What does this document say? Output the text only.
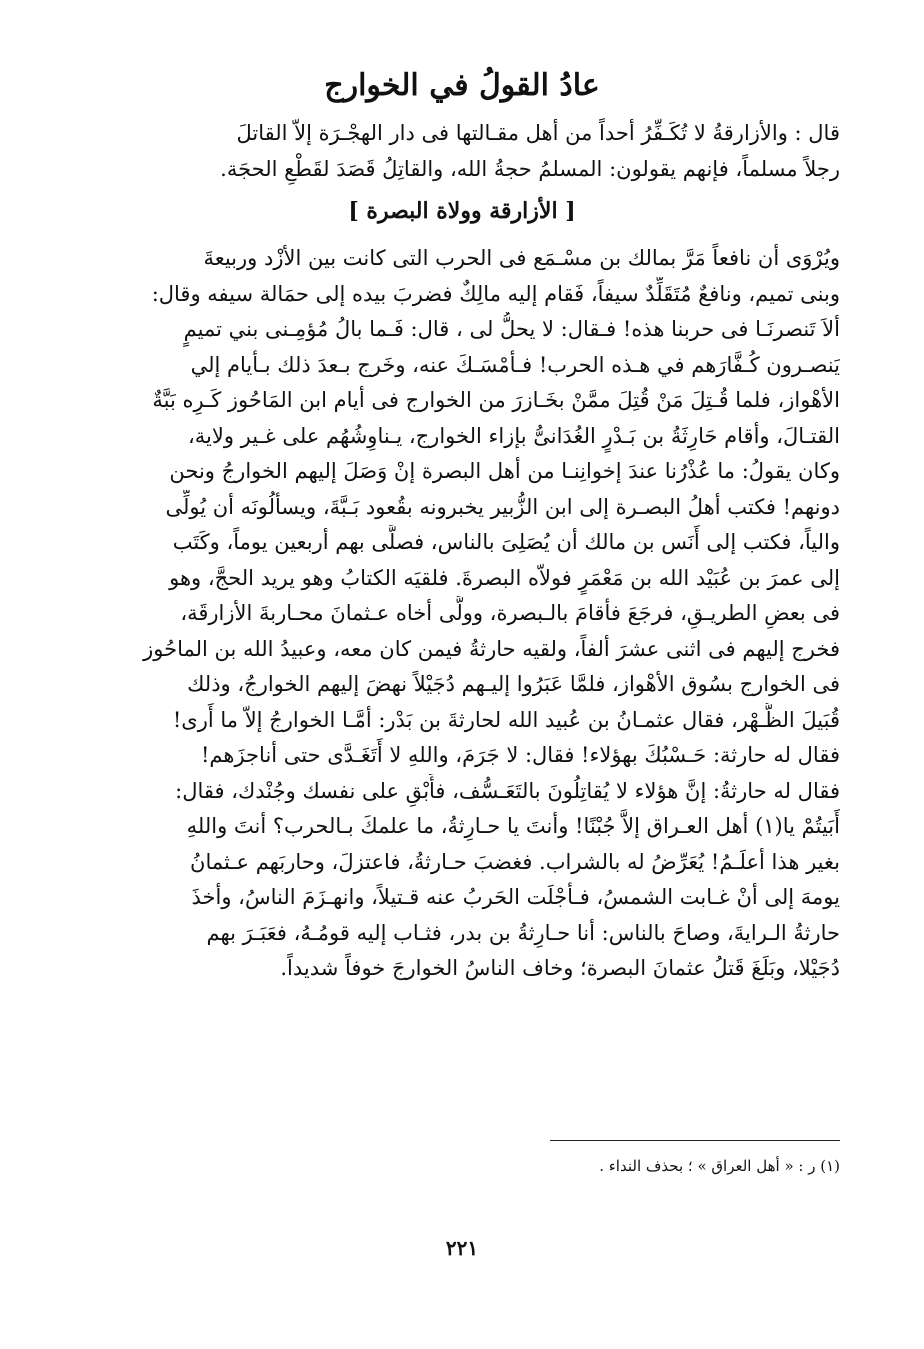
عادُ القولُ في الخوارج
قال : والأزارقةُ لا تُكَـفِّرُ أحداً من أهل مقـالتها فى دار الهجْـرَة إلاّ القاتلَ
رجلاً مسلماً، فإنهم يقولون: المسلمُ حجةُ الله، والقاتِلُ قَصَدَ لقَطْعِ الحجَة.
[ الأزارقة وولاة البصرة ]
ويُرْوَى أن نافعاً مَرَّ بمالك بن مسْـمَع فى الحرب التى كانت بين الأزْد وربيعةَ
وبنى تميم، ونافعٌ مُتَقَلِّدٌ سيفاً، فَقام إليه مالِكٌ فضربَ بيده إلى حمَالة سيفه وقال:
ألاَ تَنصرنَـا فى حربنا هذه! فـقال: لا يحلُّ لى ، قال: فَـما بالُ مُؤمِـنى بني تميمٍ
يَنصـرون كُـفَّارَهم في هـذه الحرب! فـأمْسَـكَ عنه، وخَرج بـعدَ ذلك بـأيام إلي
الأهْواز، فلما قُـتِلَ مَنْ قُتِلَ ممَّنْ بخَـازرَ من الخوارج فى أيام ابن المَاحُوز كَـرِه بَبَّةٌ
القتـالَ، وأقام حَارِثَةُ بن بَـدْرٍ الغُدَانىُّ بإزاء الخوارج، يـناوِشُهُم على غـير ولاية،
وكان يقولُ: ما عُذْرُنا عندَ إخوانِنـا من أهل البصرة إنْ وَصَلَ إليهم الخوارجُ ونحن
دونهم! فكتب أهلُ البصـرة إلى ابن الزُّبير يخبرونه بقُعود بَـبَّةَ، ويسألُونَه أن يُولِّى
والياً، فكتب إلى أَنَس بن مالك أن يُصَلِىَ بالناس، فصلَّى بهم أربعين يوماً، وكَتَب
إلى عمرَ بن عُبَيْد الله بن مَعْمَرٍ فولاّه البصرةَ. فلقيَه الكتابُ وهو يريد الحجَّ، وهو
فى بعضِ الطريـقِ، فرجَعَ فأقامَ بالـبصرة، وولَّى أخاه عـثمانَ محـاربةَ الأزارقَة،
فخرج إليهم فى اثنى عشرَ ألفاً، ولقيه حارثةُ فيمن كان معه، وعبيدُ الله بن الماحُوز
فى الخوارج بسُوق الأهْواز، فلمَّا عَبَرُوا إليـهم دُجَيْلاً نهضَ إليهم الخوارجُ، وذلك
قُبَيلَ الظُّـهْر، فقال عثمـانُ بن عُبيد الله لحارثةَ بن بَدْر: أمَّـا الخوارجُ إلاّ ما أَرى!
فقال له حارثة: حَـسْبُكَ بهؤلاء! فقال: لا جَرَمَ، واللهِ لا أَتَغَـدَّى حتى أناجزَهم!
فقال له حارثةُ: إنَّ هؤلاء لا يُقاتِلُونَ بالتَعَـسُّف، فأَبْقِ على نفسك وجُنْدك، فقال:
أَبَيتُمْ يا(١) أهل العـراق إلاَّ جُبْنًا! وأنتَ يا حـارِثةُ، ما علمكَ بـالحرب؟ أنتَ واللهِ
بغير هذا أعلَـمُ! يُعَرِّضُ له بالشراب. فغضبَ حـارثةُ، فاعتزلَ، وحاربَهم عـثمانُ
يومهَ إلى أنْ غـابت الشمسُ، فـأجْلَت الحَربُ عنه قـتيلاً، وانهـزَمَ الناسُ، وأخذَ
حارثةُ الـرايةَ، وصاحَ بالناس: أنا حـارِثةُ بن بدر، فثـاب إليه قومُـهُ، فعَبَـرَ بهم
دُجَيْلا، وبَلَغَ قَتلُ عثمانَ البصرة؛ وخاف الناسُ الخوارجَ خوفاً شديداً.
(١) ر : « أهل العراق » ؛ بحذف النداء .
٢٢١
